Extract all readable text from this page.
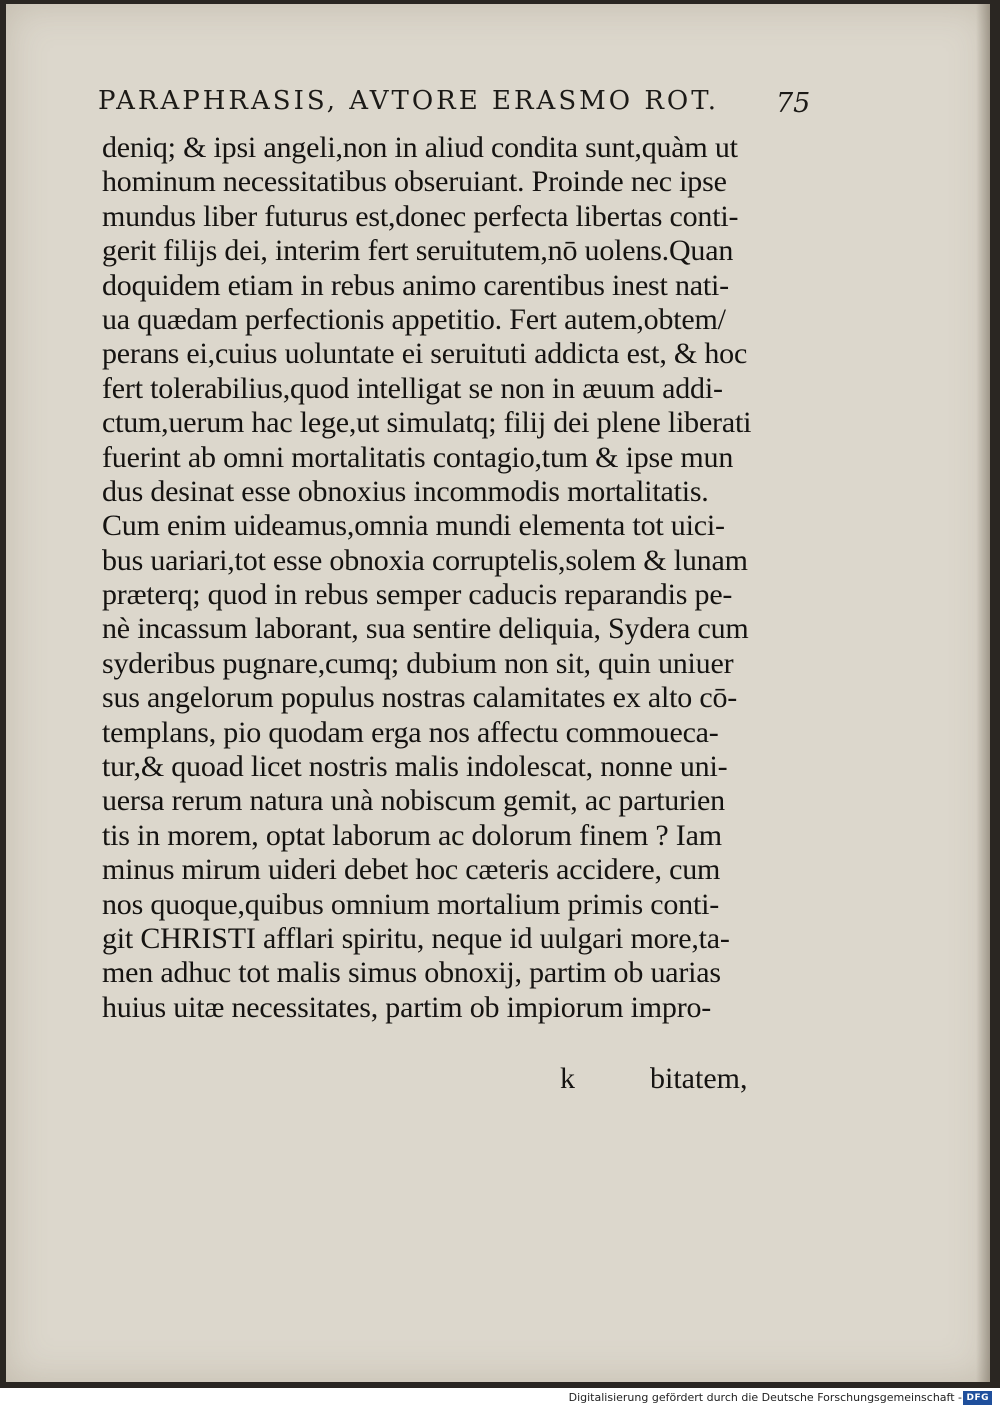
PARAPHRASIS, AVTORE ERASMO ROT. 75
deniq; & ipsi angeli,non in aliud condita sunt,quàm ut
hominum necessitatibus obseruiant. Proinde nec ipse
mundus liber futurus est,donec perfecta libertas conti-
gerit filijs dei, interim fert seruitutem,nō uolens.Quan
doquidem etiam in rebus animo carentibus inest nati-
ua quædam perfectionis appetitio. Fert autem,obtem/
perans ei,cuius uoluntate ei seruituti addicta est, & hoc
fert tolerabilius,quod intelligat se non in æuum addi-
ctum,uerum hac lege,ut simulatq; filij dei plene liberati
fuerint ab omni mortalitatis contagio,tum & ipse mun
dus desinat esse obnoxius incommodis mortalitatis.
Cum enim uideamus,omnia mundi elementa tot uici-
bus uariari,tot esse obnoxia corruptelis,solem & lunam
præterq; quod in rebus semper caducis reparandis pe-
nè incassum laborant, sua sentire deliquia, Sydera cum
syderibus pugnare,cumq; dubium non sit, quin uniuer
sus angelorum populus nostras calamitates ex alto cō-
templans, pio quodam erga nos affectu commoueca-
tur,& quoad licet nostris malis indolescat, nonne uni-
uersa rerum natura unà nobiscum gemit, ac parturien
tis in morem, optat laborum ac dolorum finem ? Iam
minus mirum uideri debet hoc cæteris accidere, cum
nos quoque,quibus omnium mortalium primis conti-
git CHRISTI afflari spiritu, neque id uulgari more,ta-
men adhuc tot malis simus obnoxij, partim ob uarias
huius uitæ necessitates, partim ob impiorum impro-
k	bitatem,
Digitalisierung gefördert durch die Deutsche Forschungsgemeinschaft - DFG
